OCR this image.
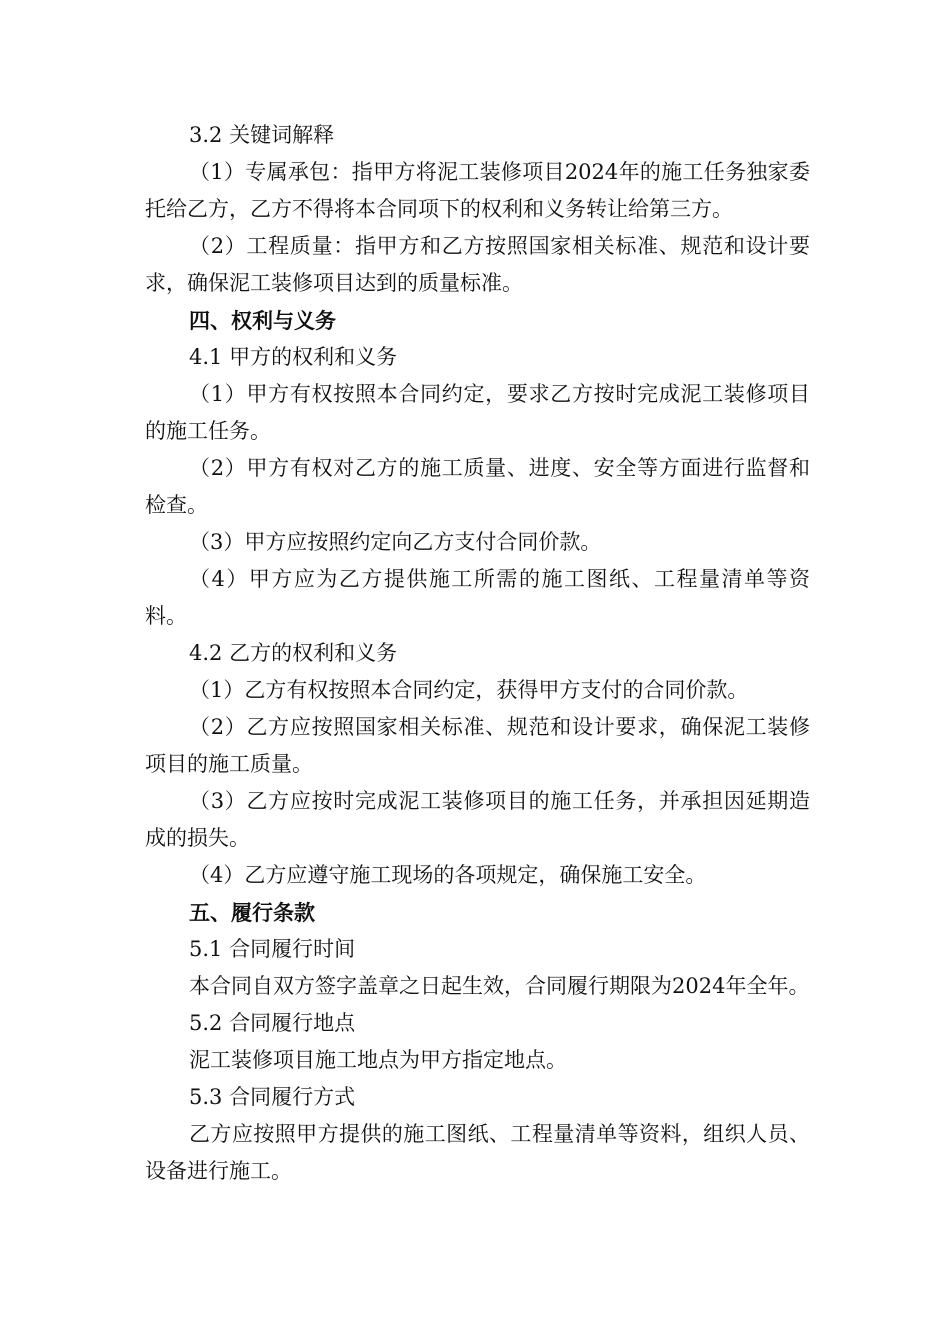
3.2 关键词解释

（1）专属承包：指甲方将泥工装修项目2024年的施工任务独家委托给乙方，乙方不得将本合同项下的权利和义务转让给第三方。

（2）工程质量：指甲方和乙方按照国家相关标准、规范和设计要求，确保泥工装修项目达到的质量标准。

四、权利与义务

4.1 甲方的权利和义务

（1）甲方有权按照本合同约定，要求乙方按时完成泥工装修项目的施工任务。

（2）甲方有权对乙方的施工质量、进度、安全等方面进行监督和检查。

（3）甲方应按照约定向乙方支付合同价款。

（4）甲方应为乙方提供施工所需的施工图纸、工程量清单等资料。

4.2 乙方的权利和义务

（1）乙方有权按照本合同约定，获得甲方支付的合同价款。

（2）乙方应按照国家相关标准、规范和设计要求，确保泥工装修项目的施工质量。

（3）乙方应按时完成泥工装修项目的施工任务，并承担因延期造成的损失。

（4）乙方应遵守施工现场的各项规定，确保施工安全。

五、履行条款

5.1 合同履行时间

本合同自双方签字盖章之日起生效，合同履行期限为2024年全年。

5.2 合同履行地点

泥工装修项目施工地点为甲方指定地点。

5.3 合同履行方式

乙方应按照甲方提供的施工图纸、工程量清单等资料，组织人员、设备进行施工。
